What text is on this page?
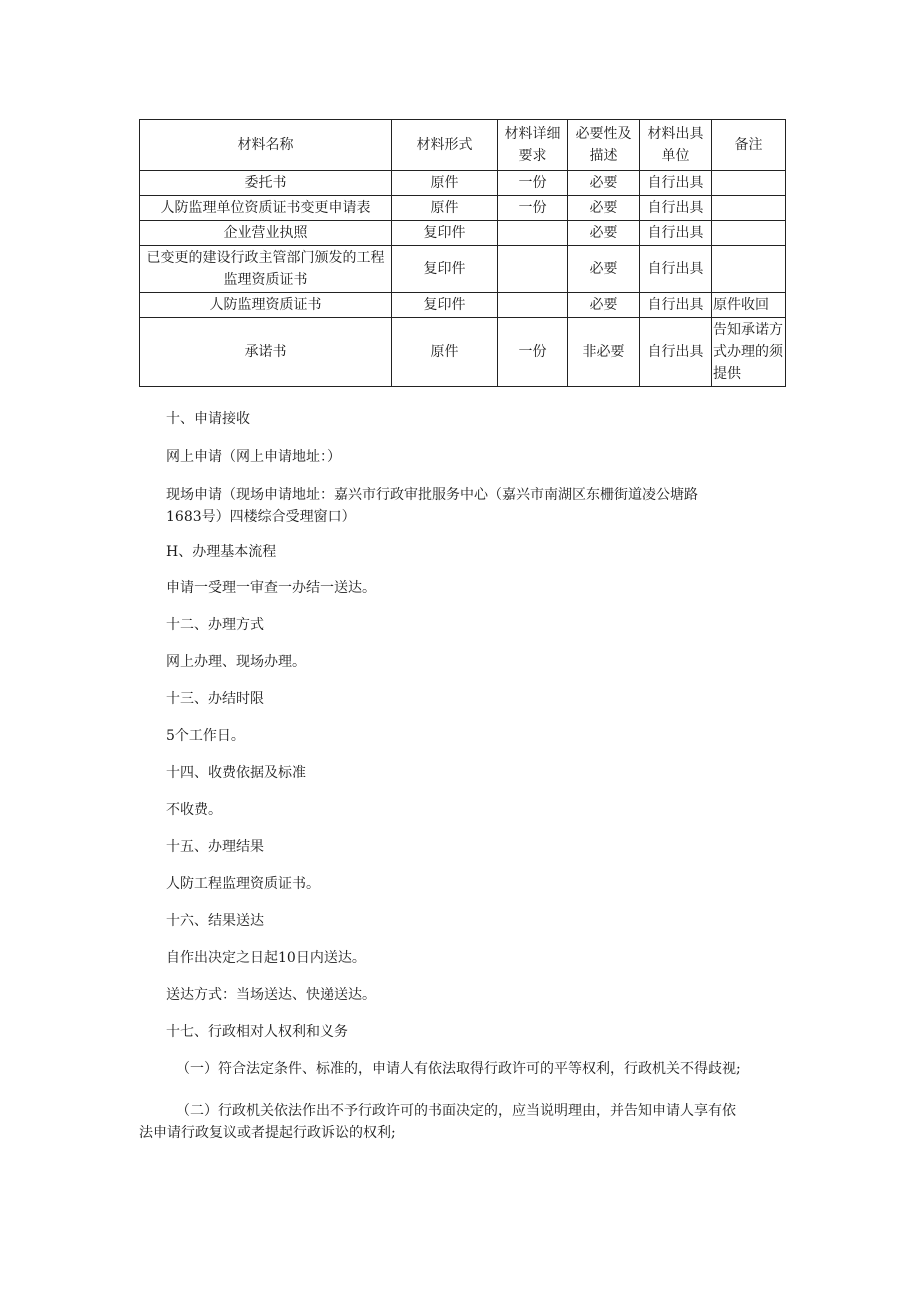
材料名称	材料形式	材料详细要求	必要性及描述	材料出具单位	备注
委托书	原件	一份	必要	自行出具	
人防监理单位资质证书变更申请表	原件	一份	必要	自行出具	
企业营业执照	复印件		必要	自行出具	
已变更的建设行政主管部门颁发的工程监理资质证书	复印件		必要	自行出具	
人防监理资质证书	复印件		必要	自行出具	原件收回
承诺书	原件	一份	非必要	自行出具	告知承诺方式办理的须提供
十、申请接收
网上申请（网上申请地址：）
现场申请（现场申请地址：嘉兴市行政审批服务中心（嘉兴市南湖区东栅街道凌公塘路
1683号）四楼综合受理窗口）
H、办理基本流程
申请一受理一审查一办结一送达。
十二、办理方式
网上办理、现场办理。
十三、办结时限
5个工作日。
十四、收费依据及标准
不收费。
十五、办理结果
人防工程监理资质证书。
十六、结果送达
自作出决定之日起10日内送达。
送达方式：当场送达、快递送达。
十七、行政相对人权利和义务
（一）符合法定条件、标准的，申请人有依法取得行政许可的平等权利，行政机关不得歧视;
（二）行政机关依法作出不予行政许可的书面决定的，应当说明理由，并告知申请人享有依
法申请行政复议或者提起行政诉讼的权利;
